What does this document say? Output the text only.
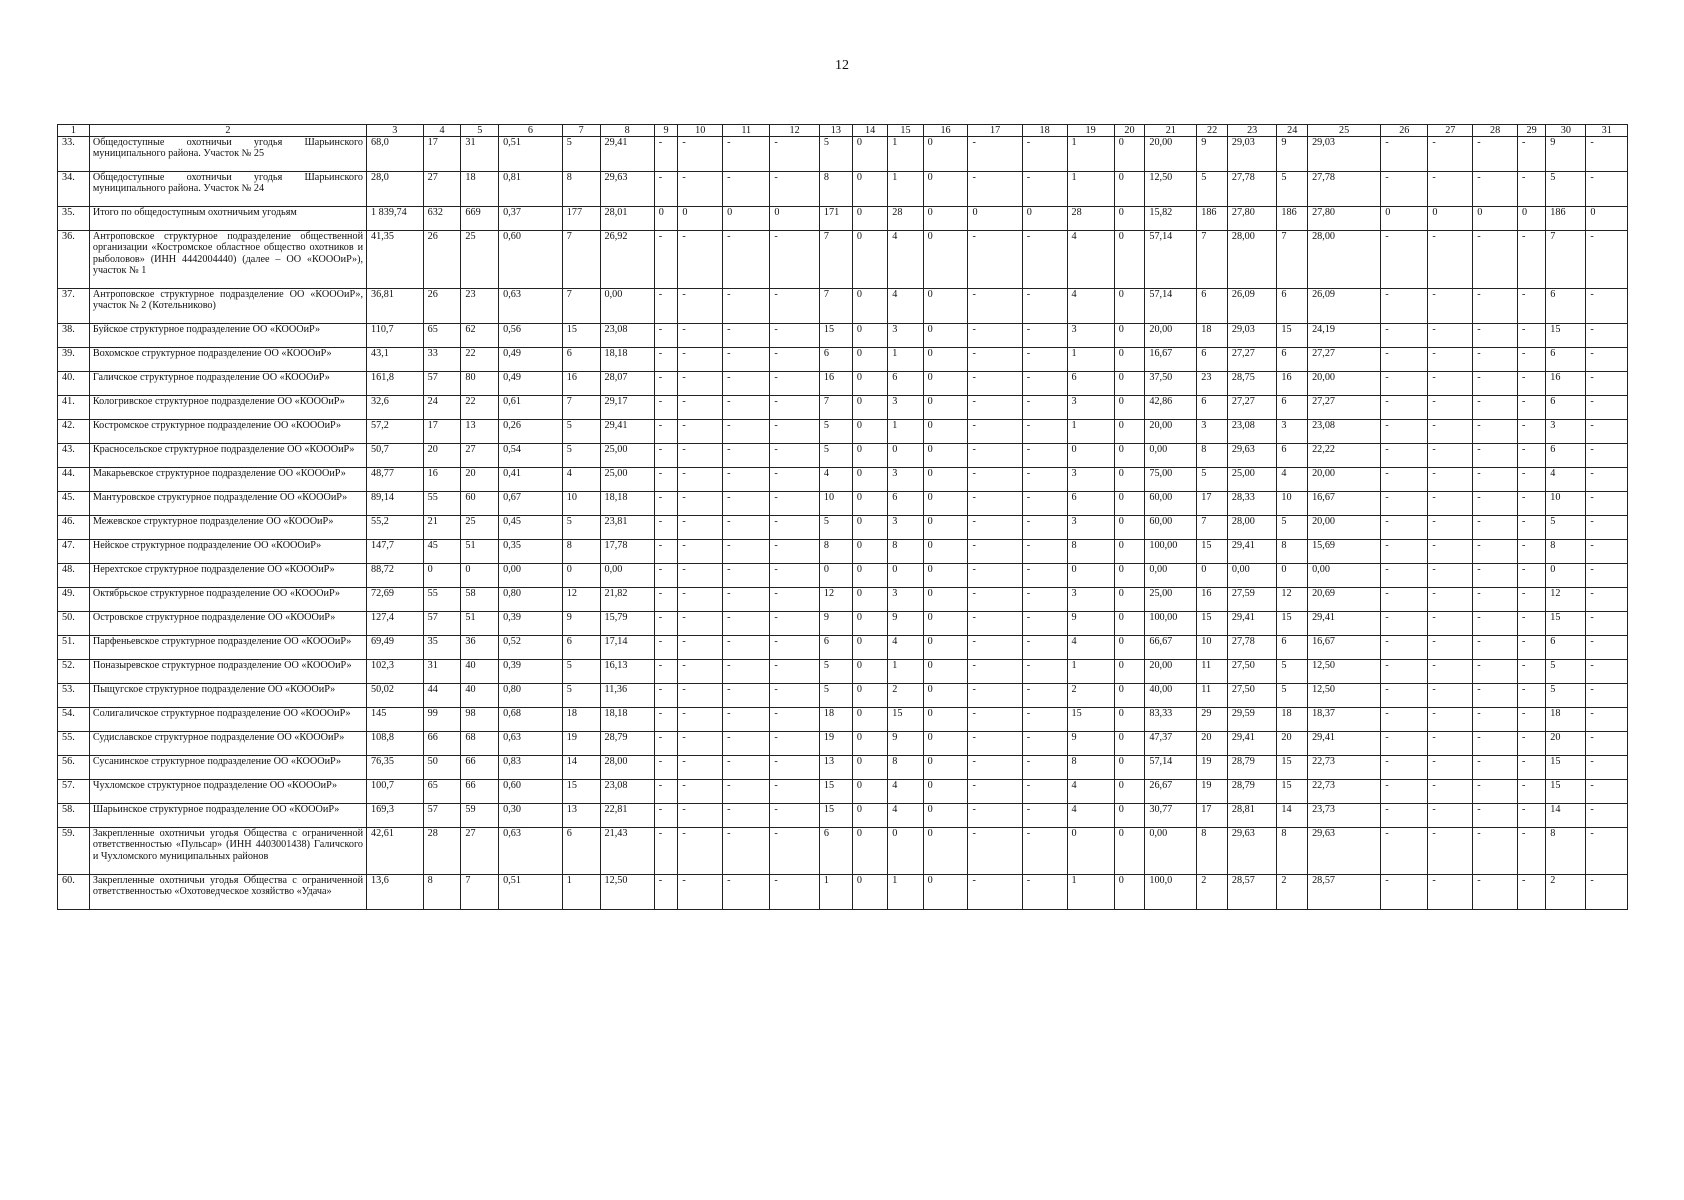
12
1	2	3	4	5	6	7	8	9	10	11	12	13	14	15	16	17	18	19	20	21	22	23	24	25	26	27	28	29	30	31
33.	Общедоступные охотничьи угодья Шарьинского муниципального района. Участок № 25	68,0	17	31	0,51	5	29,41	-	-	-	-	5	0	1	0	-	-	1	0	20,00	9	29,03	9	29,03	-	-	-	-	9	-
34.	Общедоступные охотничьи угодья Шарьинского муниципального района. Участок № 24	28,0	27	18	0,81	8	29,63	-	-	-	-	8	0	1	0	-	-	1	0	12,50	5	27,78	5	27,78	-	-	-	-	5	-
35.	Итого по общедоступным охотничьим угодьям	1 839,74	632	669	0,37	177	28,01	0	0	0	0	171	0	28	0	0	0	28	0	15,82	186	27,80	186	27,80	0	0	0	0	186	0
36.	Антроповское структурное подразделение общественной организации «Костромское областное общество охотников и рыболовов» (ИНН 4442004440) (далее – ОО «КОООиР»), участок № 1	41,35	26	25	0,60	7	26,92	-	-	-	-	7	0	4	0	-	-	4	0	57,14	7	28,00	7	28,00	-	-	-	-	7	-
37.	Антроповское структурное подразделение ОО «КОООиР», участок № 2 (Котельниково)	36,81	26	23	0,63	7	0,00	-	-	-	-	7	0	4	0	-	-	4	0	57,14	6	26,09	6	26,09	-	-	-	-	6	-
38.	Буйское структурное подразделение ОО «КОООиР»	110,7	65	62	0,56	15	23,08	-	-	-	-	15	0	3	0	-	-	3	0	20,00	18	29,03	15	24,19	-	-	-	-	15	-
39.	Вохомское структурное подразделение ОО «КОООиР»	43,1	33	22	0,49	6	18,18	-	-	-	-	6	0	1	0	-	-	1	0	16,67	6	27,27	6	27,27	-	-	-	-	6	-
40.	Галичское структурное подразделение ОО «КОООиР»	161,8	57	80	0,49	16	28,07	-	-	-	-	16	0	6	0	-	-	6	0	37,50	23	28,75	16	20,00	-	-	-	-	16	-
41.	Кологривское структурное подразделение ОО «КОООиР»	32,6	24	22	0,61	7	29,17	-	-	-	-	7	0	3	0	-	-	3	0	42,86	6	27,27	6	27,27	-	-	-	-	6	-
42.	Костромское структурное подразделение ОО «КОООиР»	57,2	17	13	0,26	5	29,41	-	-	-	-	5	0	1	0	-	-	1	0	20,00	3	23,08	3	23,08	-	-	-	-	3	-
43.	Красносельское структурное подразделение ОО «КОООиР»	50,7	20	27	0,54	5	25,00	-	-	-	-	5	0	0	0	-	-	0	0	0,00	8	29,63	6	22,22	-	-	-	-	6	-
44.	Макарьевское структурное подразделение ОО «КОООиР»	48,77	16	20	0,41	4	25,00	-	-	-	-	4	0	3	0	-	-	3	0	75,00	5	25,00	4	20,00	-	-	-	-	4	-
45.	Мантуровское структурное подразделение ОО «КОООиР»	89,14	55	60	0,67	10	18,18	-	-	-	-	10	0	6	0	-	-	6	0	60,00	17	28,33	10	16,67	-	-	-	-	10	-
46.	Межевское структурное подразделение ОО «КОООиР»	55,2	21	25	0,45	5	23,81	-	-	-	-	5	0	3	0	-	-	3	0	60,00	7	28,00	5	20,00	-	-	-	-	5	-
47.	Нейское структурное подразделение ОО «КОООиР»	147,7	45	51	0,35	8	17,78	-	-	-	-	8	0	8	0	-	-	8	0	100,00	15	29,41	8	15,69	-	-	-	-	8	-
48.	Нерехтское структурное подразделение ОО «КОООиР»	88,72	0	0	0,00	0	0,00	-	-	-	-	0	0	0	0	-	-	0	0	0,00	0	0,00	0	0,00	-	-	-	-	0	-
49.	Октябрьское структурное подразделение ОО «КОООиР»	72,69	55	58	0,80	12	21,82	-	-	-	-	12	0	3	0	-	-	3	0	25,00	16	27,59	12	20,69	-	-	-	-	12	-
50.	Островское структурное подразделение ОО «КОООиР»	127,4	57	51	0,39	9	15,79	-	-	-	-	9	0	9	0	-	-	9	0	100,00	15	29,41	15	29,41	-	-	-	-	15	-
51.	Парфеньевское структурное подразделение ОО «КОООиР»	69,49	35	36	0,52	6	17,14	-	-	-	-	6	0	4	0	-	-	4	0	66,67	10	27,78	6	16,67	-	-	-	-	6	-
52.	Поназыревское структурное подразделение ОО «КОООиР»	102,3	31	40	0,39	5	16,13	-	-	-	-	5	0	1	0	-	-	1	0	20,00	11	27,50	5	12,50	-	-	-	-	5	-
53.	Пыщугское структурное подразделение ОО «КОООиР»	50,02	44	40	0,80	5	11,36	-	-	-	-	5	0	2	0	-	-	2	0	40,00	11	27,50	5	12,50	-	-	-	-	5	-
54.	Солигаличское структурное подразделение ОО «КОООиР»	145	99	98	0,68	18	18,18	-	-	-	-	18	0	15	0	-	-	15	0	83,33	29	29,59	18	18,37	-	-	-	-	18	-
55.	Судиславское структурное подразделение ОО «КОООиР»	108,8	66	68	0,63	19	28,79	-	-	-	-	19	0	9	0	-	-	9	0	47,37	20	29,41	20	29,41	-	-	-	-	20	-
56.	Сусанинское структурное подразделение ОО «КОООиР»	76,35	50	66	0,83	14	28,00	-	-	-	-	13	0	8	0	-	-	8	0	57,14	19	28,79	15	22,73	-	-	-	-	15	-
57.	Чухломское структурное подразделение ОО «КОООиР»	100,7	65	66	0,60	15	23,08	-	-	-	-	15	0	4	0	-	-	4	0	26,67	19	28,79	15	22,73	-	-	-	-	15	-
58.	Шарьинское структурное подразделение ОО «КОООиР»	169,3	57	59	0,30	13	22,81	-	-	-	-	15	0	4	0	-	-	4	0	30,77	17	28,81	14	23,73	-	-	-	-	14	-
59.	Закрепленные охотничьи угодья Общества с ограниченной ответственностью «Пульсар» (ИНН 4403001438) Галичского и Чухломского муниципальных районов	42,61	28	27	0,63	6	21,43	-	-	-	-	6	0	0	0	-	-	0	0	0,00	8	29,63	8	29,63	-	-	-	-	8	-
60.	Закрепленные охотничьи угодья Общества с ограниченной ответственностью «Охотоведческое хозяйство «Удача»	13,6	8	7	0,51	1	12,50	-	-	-	-	1	0	1	0	-	-	1	0	100,0	2	28,57	2	28,57	-	-	-	-	2	-
